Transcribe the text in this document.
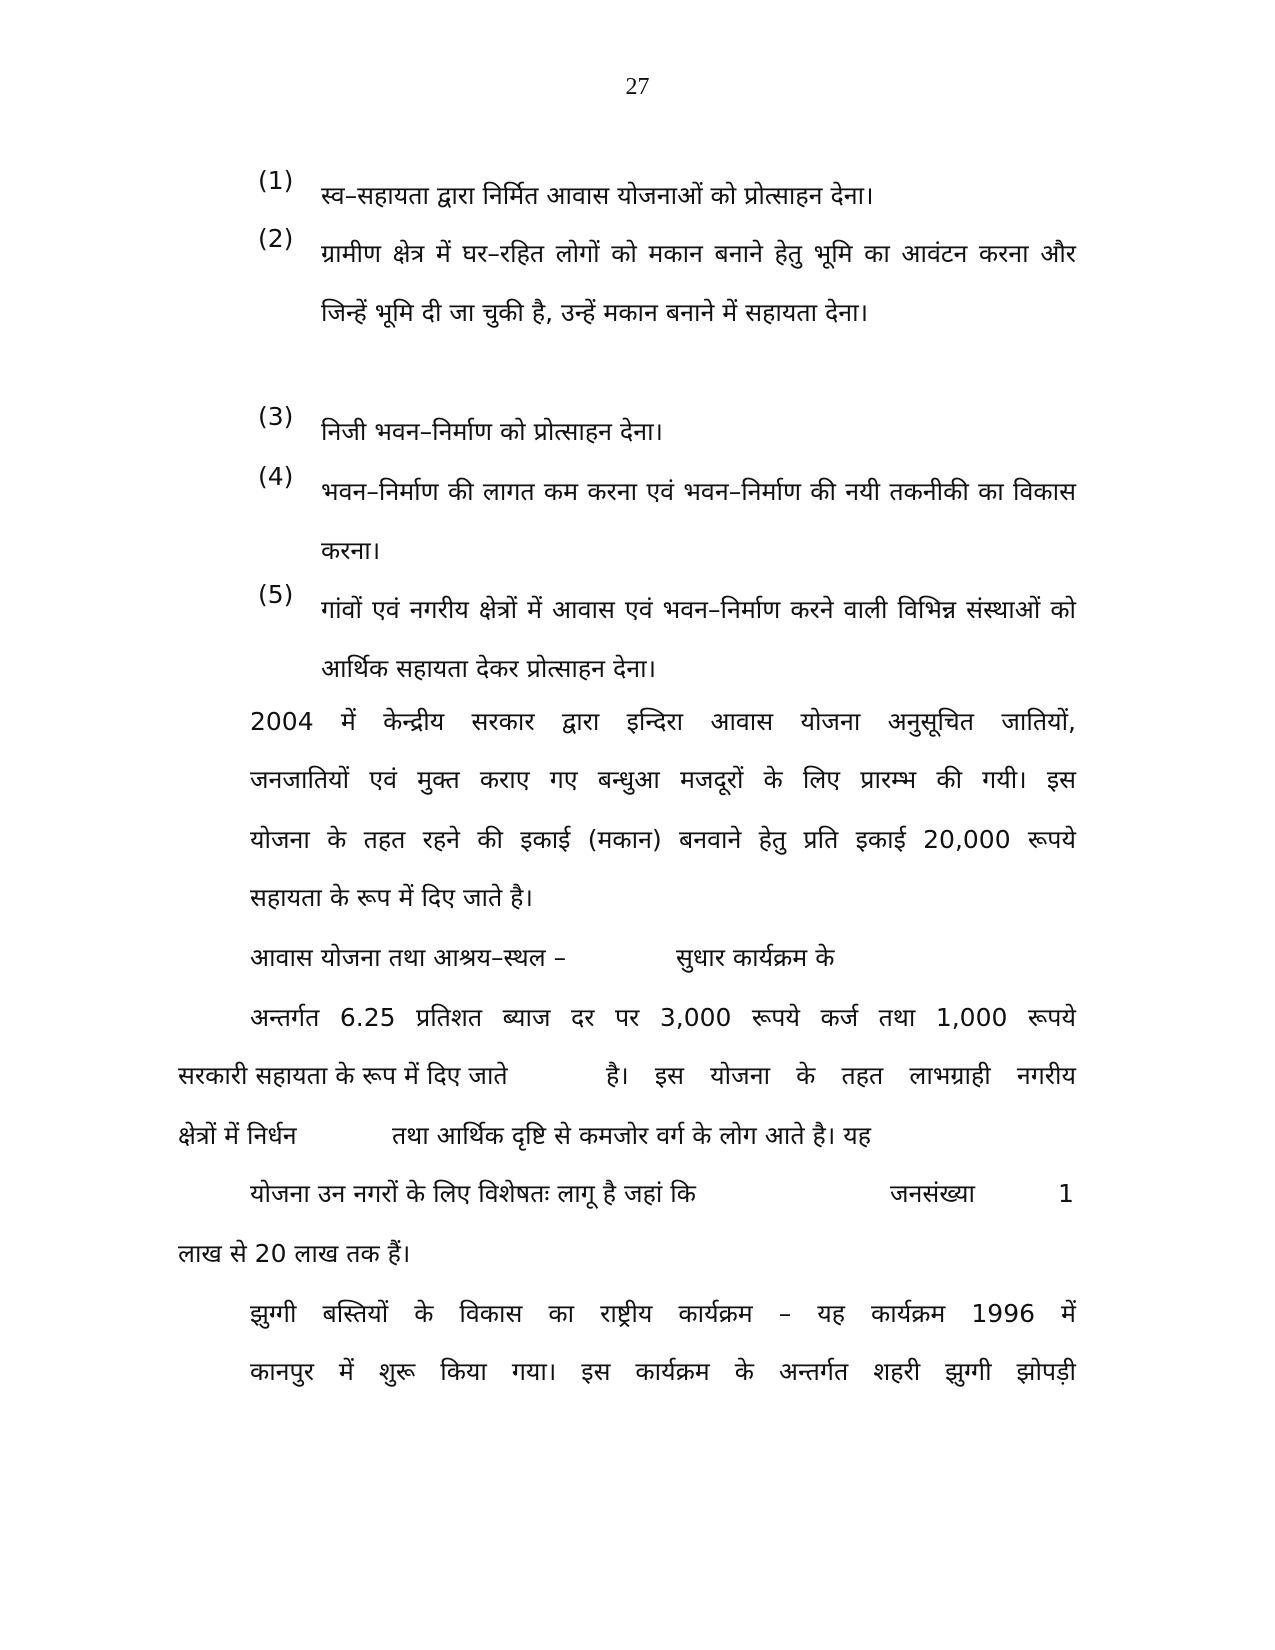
27
(1)
स्व–सहायता द्वारा निर्मित आवास योजनाओं को प्रोत्साहन देना।
(2)
ग्रामीण क्षेत्र में घर–रहित लोगों को मकान बनाने हेतु भूमि का आवंटन करना और जिन्हें भूमि दी जा चुकी है, उन्हें मकान बनाने में सहायता देना।
(3)
निजी भवन–निर्माण को प्रोत्साहन देना।
(4)
भवन–निर्माण की लागत कम करना एवं भवन–निर्माण की नयी तकनीकी का विकास करना।
(5)
गांवों एवं नगरीय क्षेत्रों में आवास एवं भवन–निर्माण करने वाली विभिन्न संस्थाओं को आर्थिक सहायता देकर प्रोत्साहन देना।
2004 में केन्द्रीय सरकार द्वारा इन्दिरा आवास योजना अनुसूचित जातियों,
जनजातियों एवं मुक्त कराए गए बन्धुआ मजदूरों के लिए प्रारम्भ की गयी। इस
योजना के तहत रहने की इकाई (मकान) बनवाने हेतु प्रति इकाई 20,000 रूपये
सहायता के रूप में दिए जाते है।
आवास योजना तथा आश्रय–स्थल –	सुधार कार्यक्रम के
अन्तर्गत 6.25 प्रतिशत ब्याज दर पर 3,000 रूपये कर्ज तथा 1,000 रूपये
सरकारी सहायता के रूप में दिए जाते	है। इस योजना के तहत लाभग्राही नगरीय
क्षेत्रों में निर्धन	तथा आर्थिक दृष्टि से कमजोर वर्ग के लोग आते है। यह
योजना उन नगरों के लिए विशेषतः लागू है जहां कि	जनसंख्या	1
लाख से 20 लाख तक हैं।
झुग्गी बस्तियों के विकास का राष्ट्रीय कार्यक्रम – यह कार्यक्रम 1996 में
कानपुर में शुरू किया गया। इस कार्यक्रम के अन्तर्गत शहरी झुग्गी झोपड़ी
